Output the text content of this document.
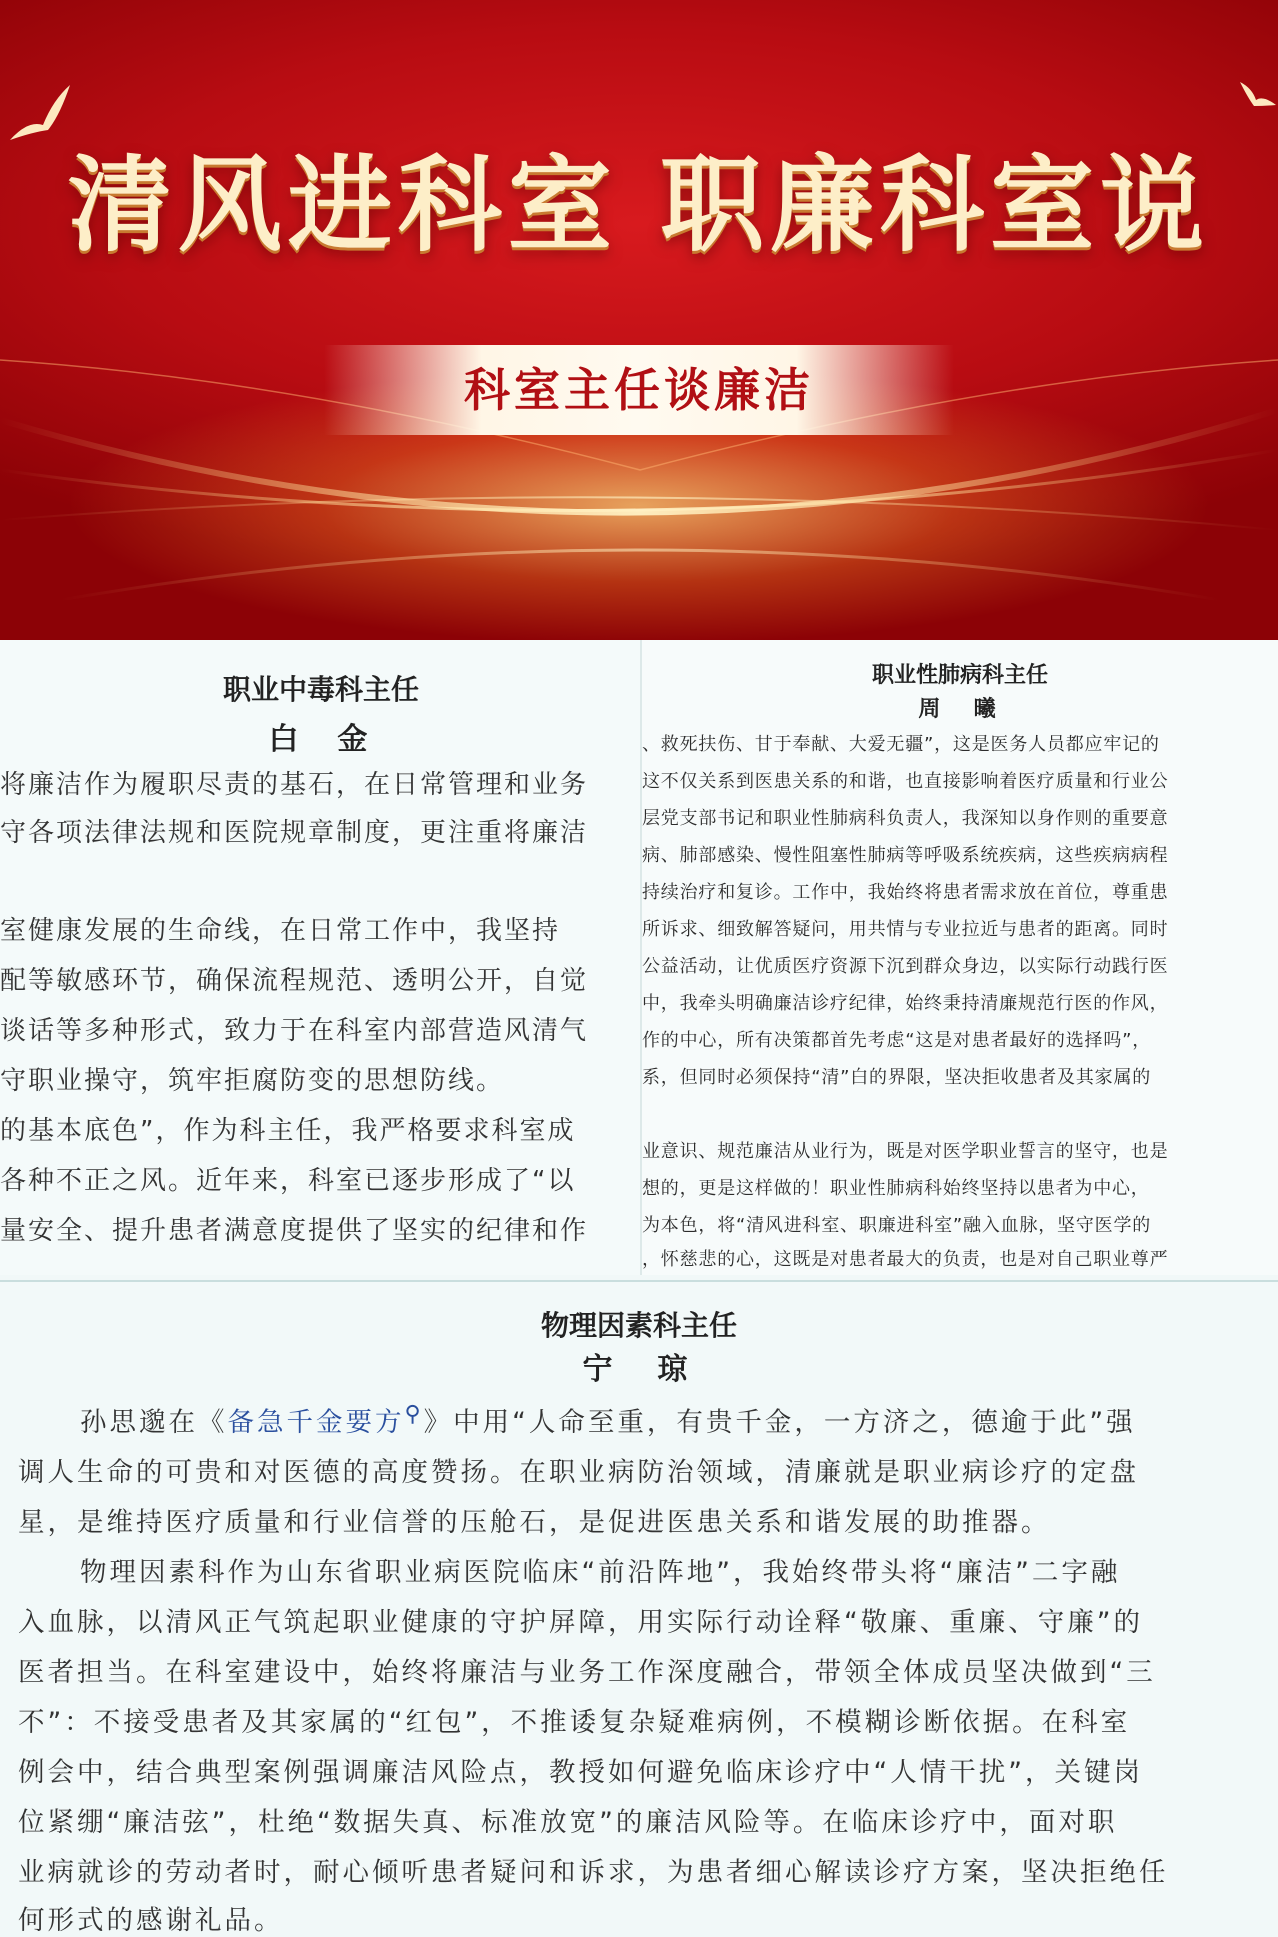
清风进科室 职廉科室说
科室主任谈廉洁
职业中毒科主任
白  金
将廉洁作为履职尽责的基石，在日常管理和业务
守各项法律法规和医院规章制度，更注重将廉洁
室健康发展的生命线，在日常工作中，我坚持
配等敏感环节，确保流程规范、透明公开，自觉
谈话等多种形式，致力于在科室内部营造风清气
守职业操守，筑牢拒腐防变的思想防线。
的基本底色”，作为科主任，我严格要求科室成
各种不正之风。近年来，科室已逐步形成了“以
量安全、提升患者满意度提供了坚实的纪律和作
职业性肺病科主任
周  曦
、救死扶伤、甘于奉献、大爱无疆”，这是医务人员都应牢记的
这不仅关系到医患关系的和谐，也直接影响着医疗质量和行业公
层党支部书记和职业性肺病科负责人，我深知以身作则的重要意
病、肺部感染、慢性阻塞性肺病等呼吸系统疾病，这些疾病病程
持续治疗和复诊。工作中，我始终将患者需求放在首位，尊重患
所诉求、细致解答疑问，用共情与专业拉近与患者的距离。同时
公益活动，让优质医疗资源下沉到群众身边，以实际行动践行医
中，我牵头明确廉洁诊疗纪律，始终秉持清廉规范行医的作风，
作的中心，所有决策都首先考虑“这是对患者最好的选择吗”，
系，但同时必须保持“清”白的界限，坚决拒收患者及其家属的
业意识、规范廉洁从业行为，既是对医学职业誓言的坚守，也是
想的，更是这样做的！职业性肺病科始终坚持以患者为中心，
为本色，将“清风进科室、职廉进科室”融入血脉，坚守医学的
，怀慈悲的心，这既是对患者最大的负责，也是对自己职业尊严
物理因素科主任
宁  琼
孙思邈在《备急千金要方⚲》中用“人命至重，有贵千金，一方济之，德逾于此”强
调人生命的可贵和对医德的高度赞扬。在职业病防治领域，清廉就是职业病诊疗的定盘
星，是维持医疗质量和行业信誉的压舱石，是促进医患关系和谐发展的助推器。
物理因素科作为山东省职业病医院临床“前沿阵地”，我始终带头将“廉洁”二字融
入血脉，以清风正气筑起职业健康的守护屏障，用实际行动诠释“敬廉、重廉、守廉”的
医者担当。在科室建设中，始终将廉洁与业务工作深度融合，带领全体成员坚决做到“三
不”：不接受患者及其家属的“红包”，不推诿复杂疑难病例，不模糊诊断依据。在科室
例会中，结合典型案例强调廉洁风险点，教授如何避免临床诊疗中“人情干扰”，关键岗
位紧绷“廉洁弦”，杜绝“数据失真、标准放宽”的廉洁风险等。在临床诊疗中，面对职
业病就诊的劳动者时，耐心倾听患者疑问和诉求，为患者细心解读诊疗方案，坚决拒绝任
何形式的感谢礼品。
